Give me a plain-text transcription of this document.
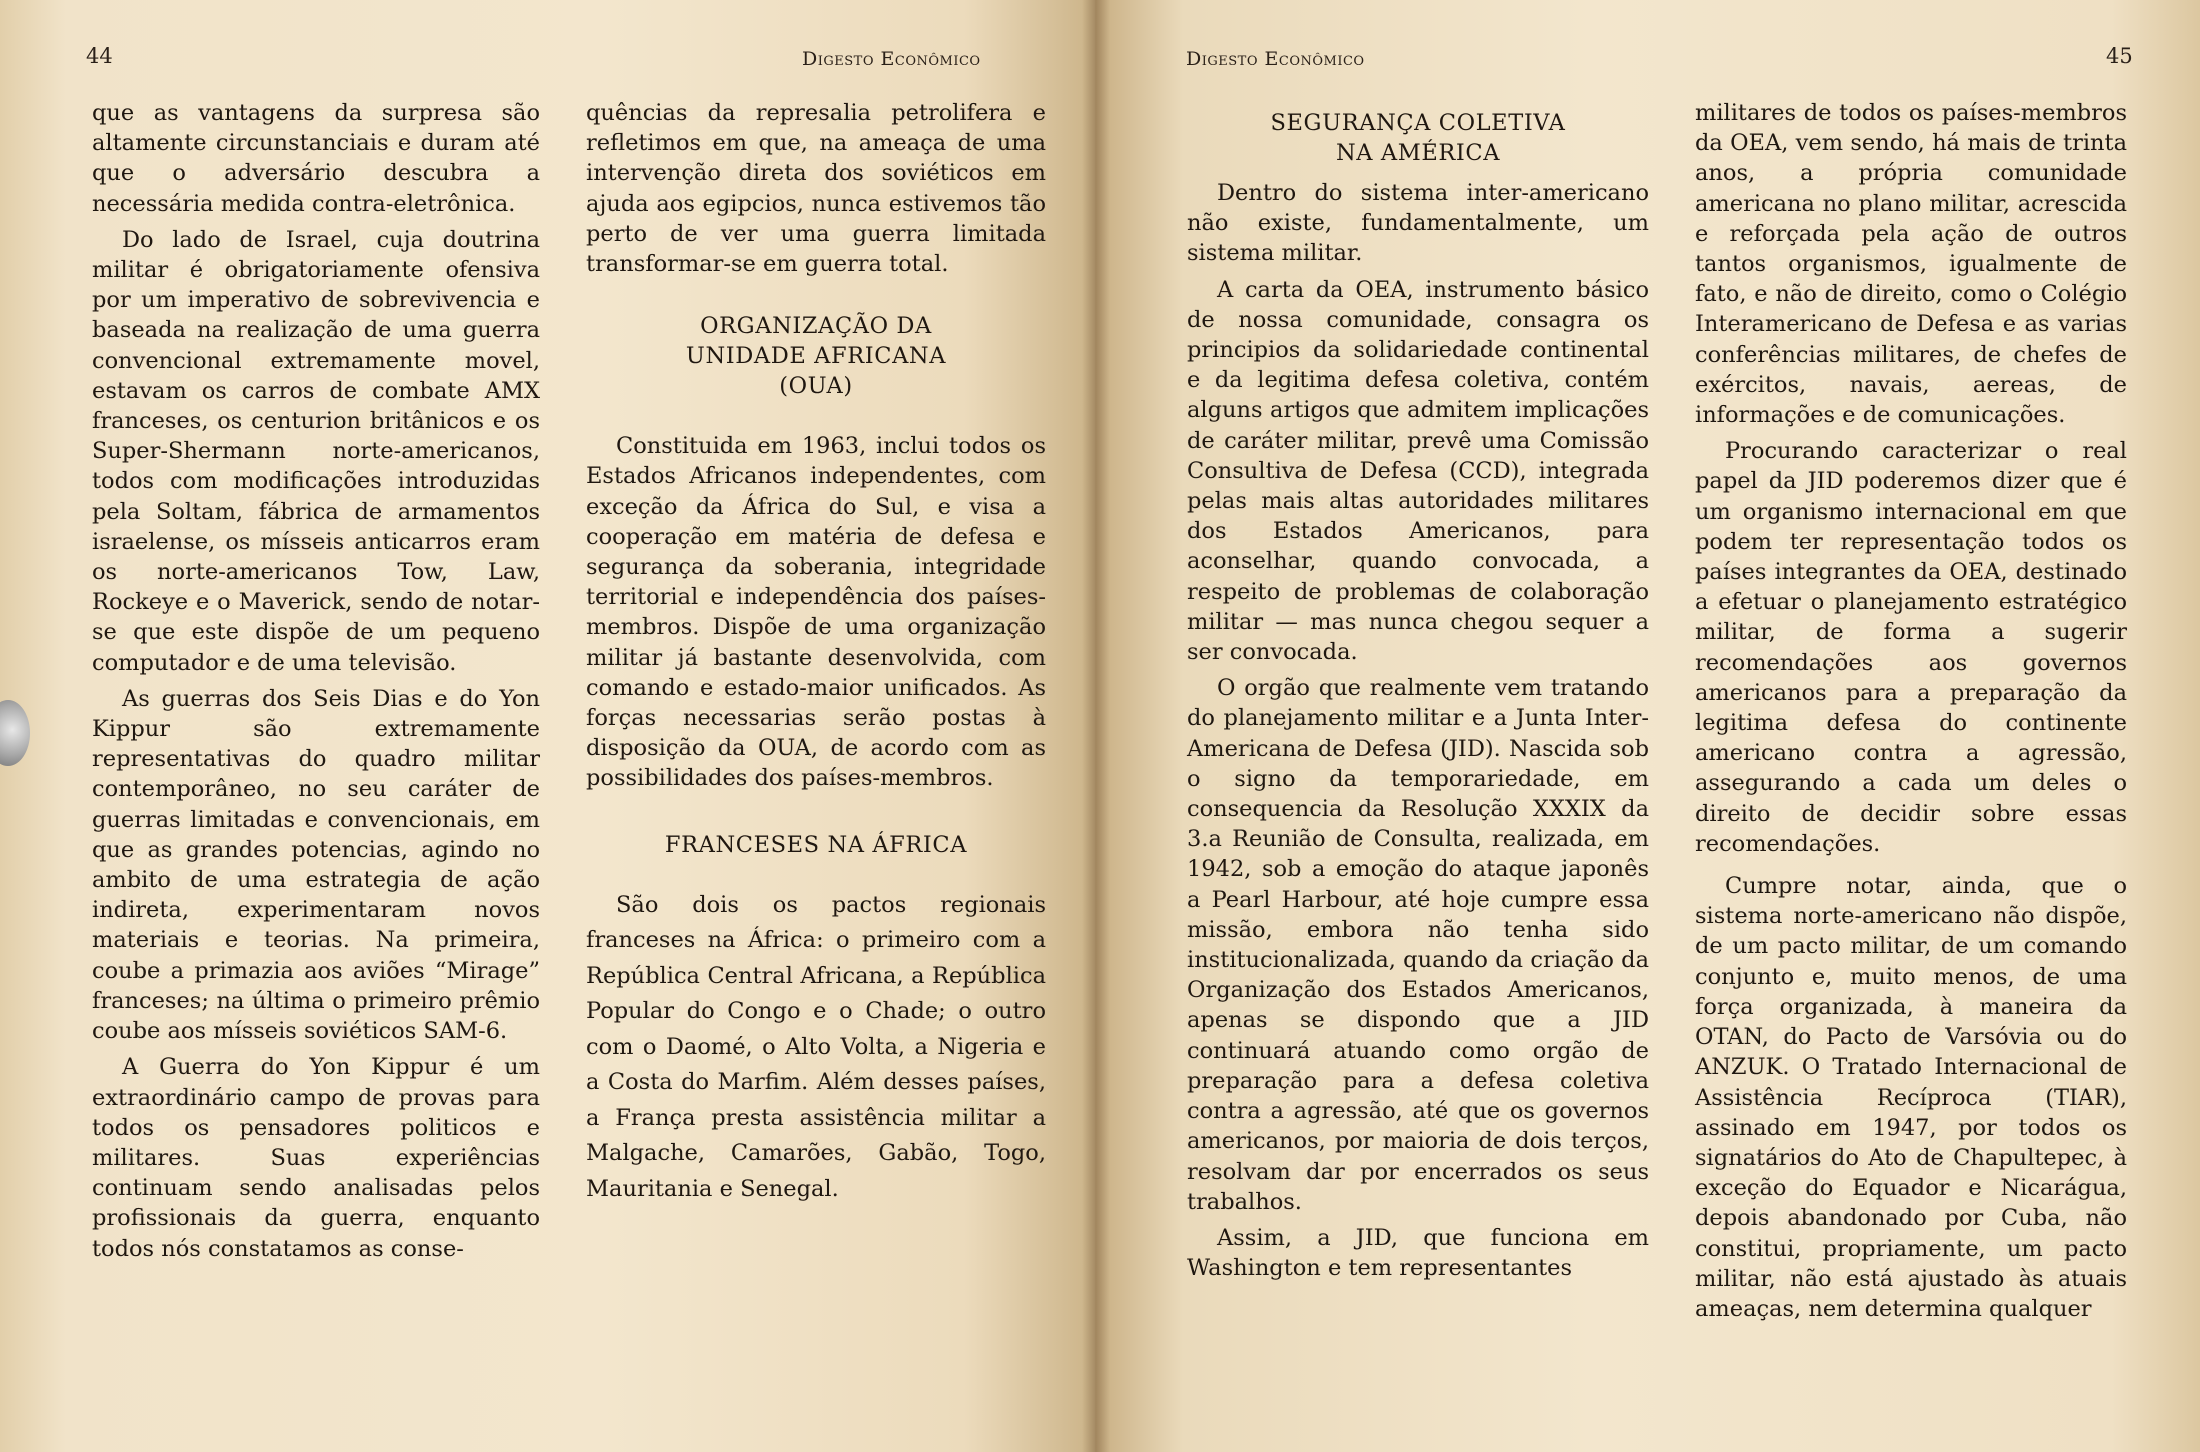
44	Digesto Econômico

que as vantagens da surpresa são altamente circunstanciais e duram até que o adversário descubra a necessária medida contra-eletrônica.

Do lado de Israel, cuja doutrina militar é obrigatoriamente ofensiva por um imperativo de sobrevivencia e baseada na realização de uma guerra convencional extremamente movel, estavam os carros de combate AMX franceses, os centurion britânicos e os Super-Shermann norte-americanos, todos com modificações introduzidas pela Soltam, fábrica de armamentos israelense, os mísseis anticarros eram os norte-americanos Tow, Law, Rockeye e o Maverick, sendo de notar-se que este dispõe de um pequeno computador e de uma televisão.

As guerras dos Seis Dias e do Yon Kippur são extremamente representativas do quadro militar contemporâneo, no seu caráter de guerras limitadas e convencionais, em que as grandes potencias, agindo no ambito de uma estrategia de ação indireta, experimentaram novos materiais e teorias. Na primeira, coube a primazia aos aviões “Mirage” franceses; na última o primeiro prêmio coube aos mísseis soviéticos SAM-6.

A Guerra do Yon Kippur é um extraordinário campo de provas para todos os pensadores politicos e militares. Suas experiências continuam sendo analisadas pelos profissionais da guerra, enquanto todos nós constatamos as conse-

quências da represalia petrolifera e refletimos em que, na ameaça de uma intervenção direta dos soviéticos em ajuda aos egipcios, nunca estivemos tão perto de ver uma guerra limitada transformar-se em guerra total.

ORGANIZAÇÃO DA
UNIDADE AFRICANA
(OUA)

Constituida em 1963, inclui todos os Estados Africanos independentes, com exceção da África do Sul, e visa a cooperação em matéria de defesa e segurança da soberania, integridade territorial e independência dos países-membros. Dispõe de uma organização militar já bastante desenvolvida, com comando e estado-maior unificados. As forças necessarias serão postas à disposição da OUA, de acordo com as possibilidades dos países-membros.

FRANCESES NA ÁFRICA

São dois os pactos regionais franceses na África: o primeiro com a República Central Africana, a República Popular do Congo e o Chade; o outro com o Daomé, o Alto Volta, a Nigeria e a Costa do Marfim. Além desses países, a França presta assistência militar a Malgache, Camarões, Gabão, Togo, Mauritania e Senegal.

Digesto Econômico	45
SEGURANÇA COLETIVA
NA AMÉRICA

Dentro do sistema inter-americano não existe, fundamentalmente, um sistema militar.

A carta da OEA, instrumento básico de nossa comunidade, consagra os principios da solidariedade continental e da legitima defesa coletiva, contém alguns artigos que admitem implicações de caráter militar, prevê uma Comissão Consultiva de Defesa (CCD), integrada pelas mais altas autoridades militares dos Estados Americanos, para aconselhar, quando convocada, a respeito de problemas de colaboração militar — mas nunca chegou sequer a ser convocada.

O orgão que realmente vem tratando do planejamento militar e a Junta Inter-Americana de Defesa (JID). Nascida sob o signo da temporariedade, em consequencia da Resolução XXXIX da 3.a Reunião de Consulta, realizada, em 1942, sob a emoção do ataque japonês a Pearl Harbour, até hoje cumpre essa missão, embora não tenha sido institucionalizada, quando da criação da Organização dos Estados Americanos, apenas se dispondo que a JID continuará atuando como orgão de preparação para a defesa coletiva contra a agressão, até que os governos americanos, por maioria de dois terços, resolvam dar por encerrados os seus trabalhos.

Assim, a JID, que funciona em Washington e tem representantes

militares de todos os países-membros da OEA, vem sendo, há mais de trinta anos, a própria comunidade americana no plano militar, acrescida e reforçada pela ação de outros tantos organismos, igualmente de fato, e não de direito, como o Colégio Interamericano de Defesa e as varias conferências militares, de chefes de exércitos, navais, aereas, de informações e de comunicações.

Procurando caracterizar o real papel da JID poderemos dizer que é um organismo internacional em que podem ter representação todos os países integrantes da OEA, destinado a efetuar o planejamento estratégico militar, de forma a sugerir recomendações aos governos americanos para a preparação da legitima defesa do continente americano contra a agressão, assegurando a cada um deles o direito de decidir sobre essas recomendações.

Cumpre notar, ainda, que o sistema norte-americano não dispõe, de um pacto militar, de um comando conjunto e, muito menos, de uma força organizada, à maneira da OTAN, do Pacto de Varsóvia ou do ANZUK. O Tratado Internacional de Assistência Recíproca (TIAR), assinado em 1947, por todos os signatários do Ato de Chapultepec, à exceção do Equador e Nicarágua, depois abandonado por Cuba, não constitui, propriamente, um pacto militar, não está ajustado às atuais ameaças, nem determina qualquer
